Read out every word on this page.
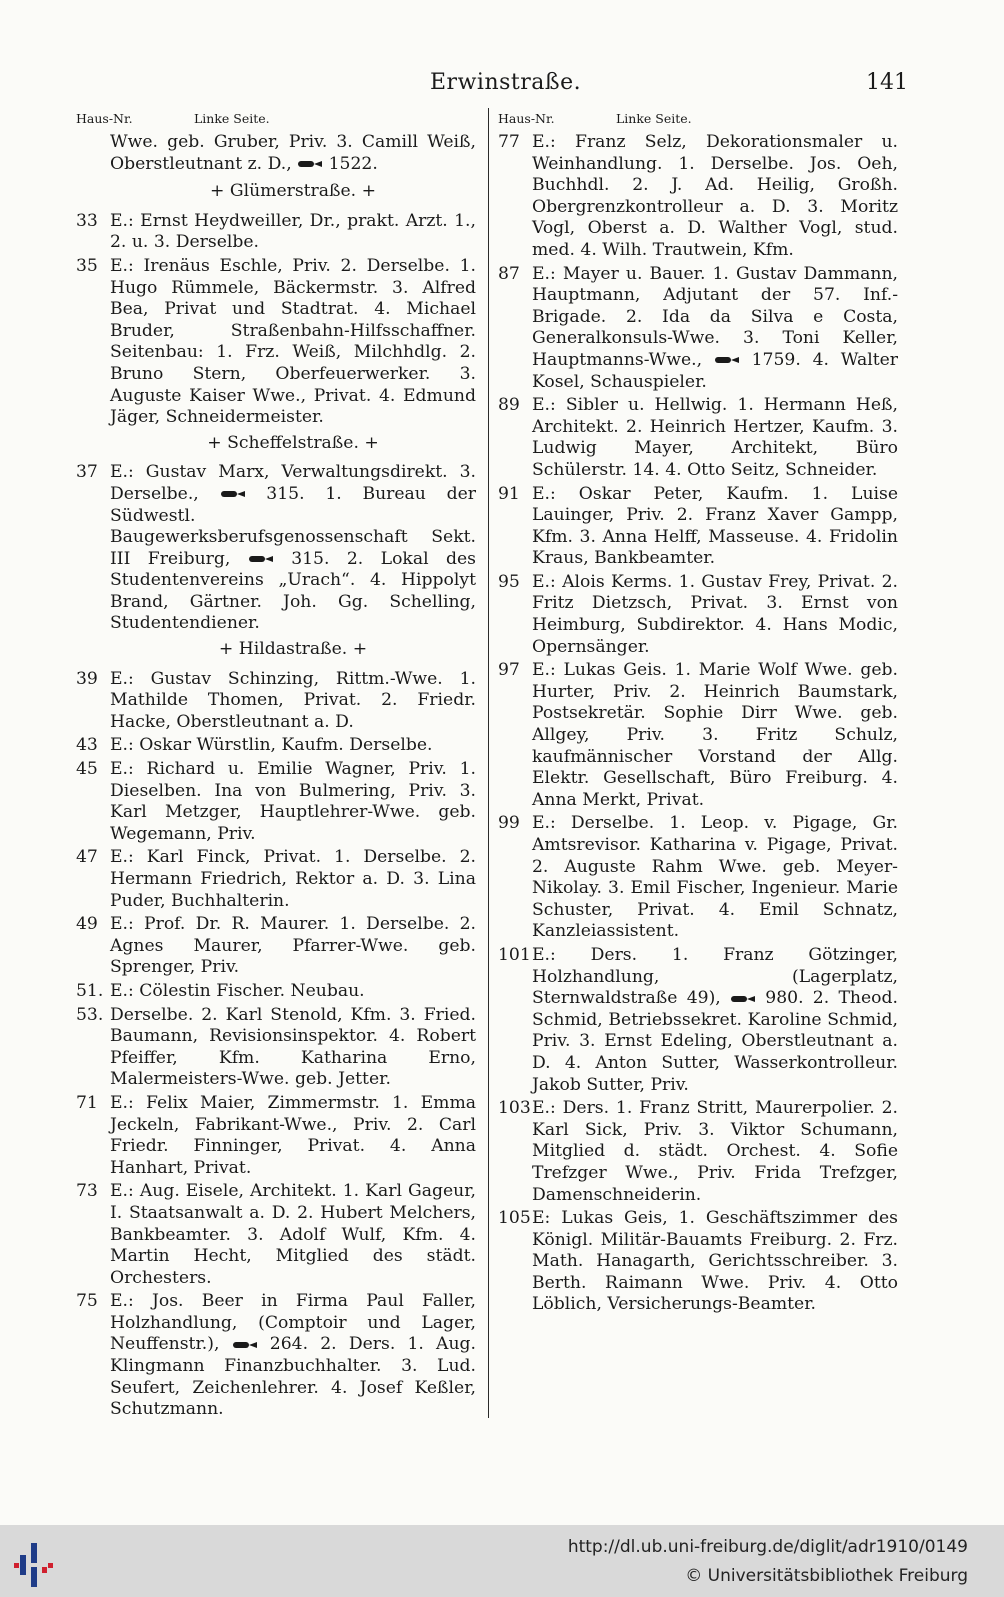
Erwinstraße.	141
Haus-Nr.	Linke Seite.
Wwe. geb. Gruber, Priv. 3. Camill Weiß, Oberstleutnant z. D., 1522.
+ Glümerstraße. +
33 E.: Ernst Heydweiller, Dr., prakt. Arzt. 1., 2. u. 3. Derselbe.
35 E.: Irenäus Eschle, Priv. 2. Derselbe. 1. Hugo Rümmele, Bäckermstr. 3. Alfred Bea, Privat und Stadtrat. 4. Michael Bruder, Straßenbahn-Hilfsschaffner. Seitenbau: 1. Frz. Weiß, Milchhdlg. 2. Bruno Stern, Oberfeuerwerker. 3. Auguste Kaiser Wwe., Privat. 4. Edmund Jäger, Schneidermeister.
+ Scheffelstraße. +
37 E.: Gustav Marx, Verwaltungsdirekt. 3. Derselbe.,	315. 1. Bureau der Südwestl. Baugewerksberufsgenossenschaft Sekt. III Freiburg,	315. 2. Lokal des Studentenvereins „Urach“. 4. Hippolyt Brand, Gärtner. Joh. Gg. Schelling, Studentendiener.
+ Hildastraße. +
39 E.: Gustav Schinzing, Rittm.-Wwe. 1. Mathilde Thomen, Privat. 2. Friedr. Hacke, Oberstleutnant a. D.
43 E.: Oskar Würstlin, Kaufm. Derselbe.
45 E.: Richard u. Emilie Wagner, Priv. 1. Dieselben. Ina von Bulmering, Priv. 3. Karl Metzger, Hauptlehrer-Wwe. geb. Wegemann, Priv.
47 E.: Karl Finck, Privat. 1. Derselbe. 2. Hermann Friedrich, Rektor a. D. 3. Lina Puder, Buchhalterin.
49 E.: Prof. Dr. R. Maurer. 1. Derselbe. 2. Agnes Maurer, Pfarrer-Wwe. geb. Sprenger, Priv.
51. E.: Cölestin Fischer. Neubau.
53. Derselbe. 2. Karl Stenold, Kfm. 3. Fried. Baumann, Revisionsinspektor. 4. Robert Pfeiffer, Kfm. Katharina Erno, Malermeisters-Wwe. geb. Jetter.
71 E.: Felix Maier, Zimmermstr. 1. Emma Jeckeln, Fabrikant-Wwe., Priv. 2. Carl Friedr. Finninger, Privat. 4. Anna Hanhart, Privat.
73 E.: Aug. Eisele, Architekt. 1. Karl Gageur, I. Staatsanwalt a. D. 2. Hubert Melchers, Bankbeamter. 3. Adolf Wulf, Kfm. 4. Martin Hecht, Mitglied des städt. Orchesters.
75 E.: Jos. Beer in Firma Paul Faller, Holzhandlung, (Comptoir und Lager, Neuffenstr.),	264. 2. Ders. 1. Aug. Klingmann Finanzbuchhalter. 3. Lud. Seufert, Zeichenlehrer. 4. Josef Keßler, Schutzmann.
Haus-Nr.	Linke Seite.
77 E.: Franz Selz, Dekorationsmaler u. Weinhandlung. 1. Derselbe. Jos. Oeh, Buchhdl. 2. J. Ad. Heilig, Großh. Obergrenzkontrolleur a. D. 3. Moritz Vogl, Oberst a. D. Walther Vogl, stud. med. 4. Wilh. Trautwein, Kfm.
87 E.: Mayer u. Bauer. 1. Gustav Dammann, Hauptmann, Adjutant der 57. Inf.-Brigade. 2. Ida da Silva e Costa, Generalkonsuls-Wwe. 3. Toni Keller, Hauptmanns-Wwe.,	1759. 4. Walter Kosel, Schauspieler.
89 E.: Sibler u. Hellwig. 1. Hermann Heß, Architekt. 2. Heinrich Hertzer, Kaufm. 3. Ludwig Mayer, Architekt, Büro Schülerstr. 14. 4. Otto Seitz, Schneider.
91 E.: Oskar Peter, Kaufm. 1. Luise Lauinger, Priv. 2. Franz Xaver Gampp, Kfm. 3. Anna Helff, Masseuse. 4. Fridolin Kraus, Bankbeamter.
95 E.: Alois Kerms. 1. Gustav Frey, Privat. 2. Fritz Dietzsch, Privat. 3. Ernst von Heimburg, Subdirektor. 4. Hans Modic, Opernsänger.
97 E.: Lukas Geis. 1. Marie Wolf Wwe. geb. Hurter, Priv. 2. Heinrich Baumstark, Postsekretär. Sophie Dirr Wwe. geb. Allgey, Priv. 3. Fritz Schulz, kaufmännischer Vorstand der Allg. Elektr. Gesellschaft, Büro Freiburg. 4. Anna Merkt, Privat.
99 E.: Derselbe. 1. Leop. v. Pigage, Gr. Amtsrevisor. Katharina v. Pigage, Privat. 2. Auguste Rahm Wwe. geb. Meyer-Nikolay. 3. Emil Fischer, Ingenieur. Marie Schuster, Privat. 4. Emil Schnatz, Kanzleiassistent.
101 E.: Ders. 1. Franz Götzinger, Holzhandlung, (Lagerplatz, Sternwaldstraße 49),	980. 2. Theod. Schmid, Betriebssekret. Karoline Schmid, Priv. 3. Ernst Edeling, Oberstleutnant a. D. 4. Anton Sutter, Wasserkontrolleur. Jakob Sutter, Priv.
103 E.: Ders. 1. Franz Stritt, Maurerpolier. 2. Karl Sick, Priv. 3. Viktor Schumann, Mitglied d. städt. Orchest. 4. Sofie Trefzger Wwe., Priv. Frida Trefzger, Damenschneiderin.
105 E: Lukas Geis, 1. Geschäftszimmer des Königl. Militär-Bauamts Freiburg. 2. Frz. Math. Hanagarth, Gerichtsschreiber. 3. Berth. Raimann Wwe. Priv. 4. Otto Löblich, Versicherungs-Beamter.
http://dl.ub.uni-freiburg.de/diglit/adr1910/0149
© Universitätsbibliothek Freiburg
